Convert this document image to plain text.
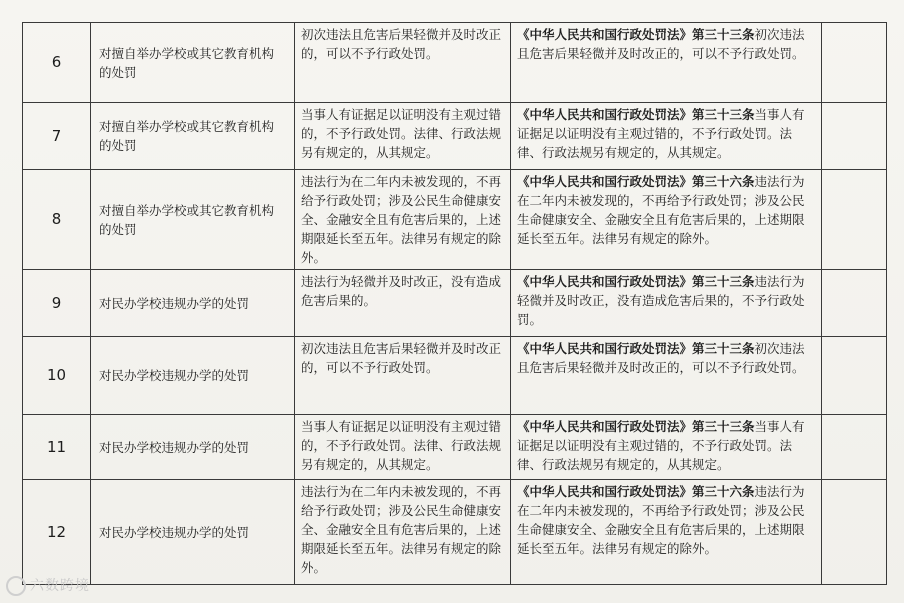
6	对擅自举办学校或其它教育机构的处罚	初次违法且危害后果轻微并及时改正的，可以不予行政处罚。	《中华人民共和国行政处罚法》第三十三条初次违法且危害后果轻微并及时改正的，可以不予行政处罚。	
7	对擅自举办学校或其它教育机构的处罚	当事人有证据足以证明没有主观过错的，不予行政处罚。法律、行政法规另有规定的，从其规定。	《中华人民共和国行政处罚法》第三十三条当事人有证据足以证明没有主观过错的，不予行政处罚。法律、行政法规另有规定的，从其规定。	
8	对擅自举办学校或其它教育机构的处罚	违法行为在二年内未被发现的，不再给予行政处罚；涉及公民生命健康安全、金融安全且有危害后果的，上述期限延长至五年。法律另有规定的除外。	《中华人民共和国行政处罚法》第三十六条违法行为在二年内未被发现的，不再给予行政处罚；涉及公民生命健康安全、金融安全且有危害后果的，上述期限延长至五年。法律另有规定的除外。	
9	对民办学校违规办学的处罚	违法行为轻微并及时改正，没有造成危害后果的。	《中华人民共和国行政处罚法》第三十三条违法行为轻微并及时改正，没有造成危害后果的，不予行政处罚。	
10	对民办学校违规办学的处罚	初次违法且危害后果轻微并及时改正的，可以不予行政处罚。	《中华人民共和国行政处罚法》第三十三条初次违法且危害后果轻微并及时改正的，可以不予行政处罚。	
11	对民办学校违规办学的处罚	当事人有证据足以证明没有主观过错的，不予行政处罚。法律、行政法规另有规定的，从其规定。	《中华人民共和国行政处罚法》第三十三条当事人有证据足以证明没有主观过错的，不予行政处罚。法律、行政法规另有规定的，从其规定。	
12	对民办学校违规办学的处罚	违法行为在二年内未被发现的，不再给予行政处罚；涉及公民生命健康安全、金融安全且有危害后果的，上述期限延长至五年。法律另有规定的除外。	《中华人民共和国行政处罚法》第三十六条违法行为在二年内未被发现的，不再给予行政处罚；涉及公民生命健康安全、金融安全且有危害后果的，上述期限延长至五年。法律另有规定的除外。	
六数跨境
